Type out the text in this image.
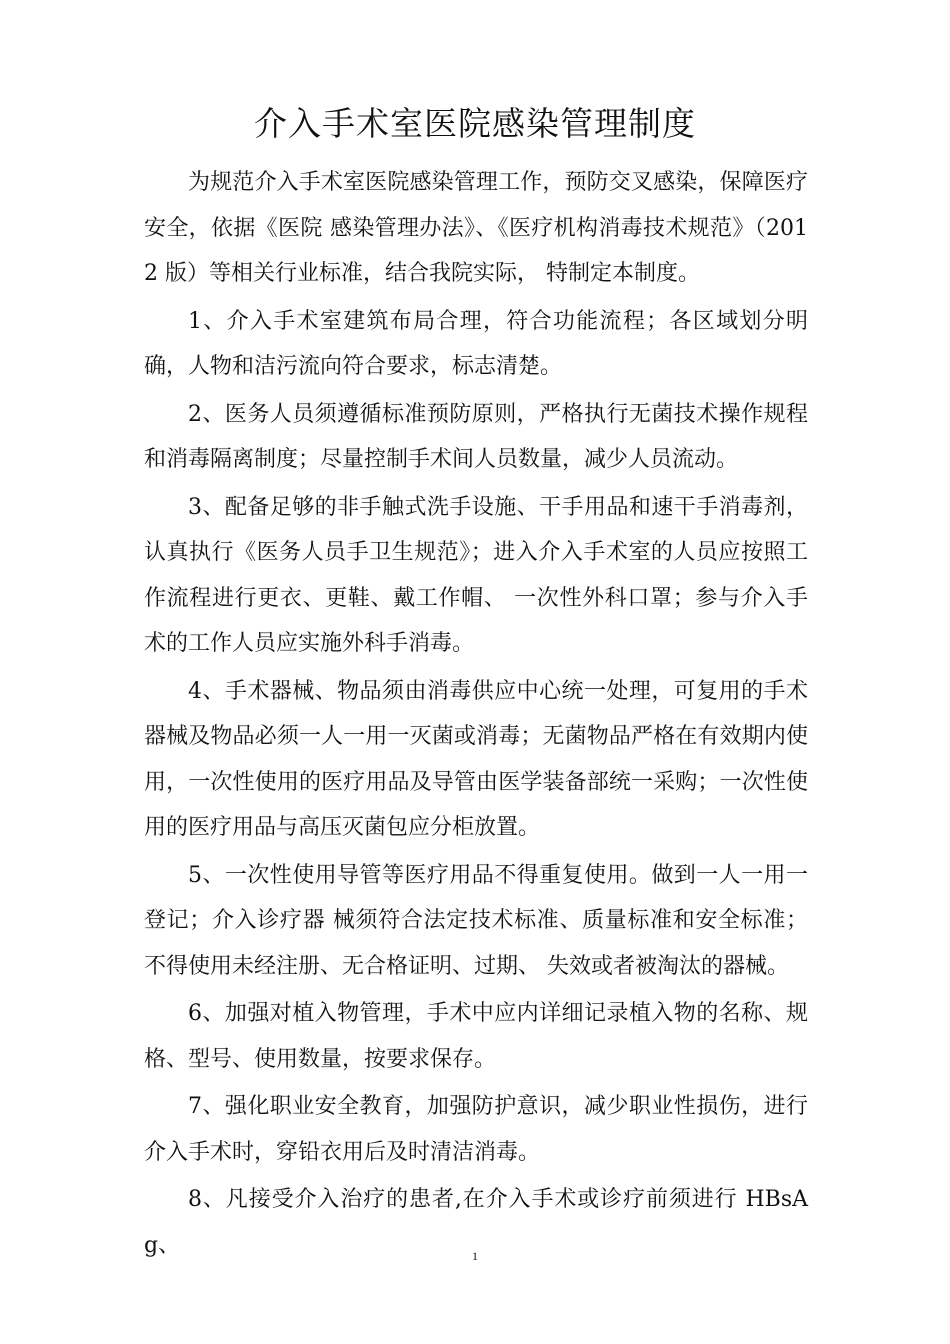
介入手术室医院感染管理制度

为规范介入手术室医院感染管理工作，预防交叉感染，保障医疗安全，依据《医院 感染管理办法》、《医疗机构消毒技术规范》（2012 版）等相关行业标准，结合我院实际， 特制定本制度。

1、介入手术室建筑布局合理，符合功能流程；各区域划分明确，人物和洁污流向符合要求，标志清楚。

2、医务人员须遵循标准预防原则，严格执行无菌技术操作规程和消毒隔离制度；尽量控制手术间人员数量，减少人员流动。

3、配备足够的非手触式洗手设施、干手用品和速干手消毒剂，认真执行《医务人员手卫生规范》；进入介入手术室的人员应按照工作流程进行更衣、更鞋、戴工作帽、 一次性外科口罩；参与介入手术的工作人员应实施外科手消毒。

4、手术器械、物品须由消毒供应中心统一处理，可复用的手术器械及物品必须一人一用一灭菌或消毒；无菌物品严格在有效期内使用，一次性使用的医疗用品及导管由医学装备部统一采购；一次性使用的医疗用品与高压灭菌包应分柜放置。

5、一次性使用导管等医疗用品不得重复使用。做到一人一用一登记；介入诊疗器 械须符合法定技术标准、质量标准和安全标准；不得使用未经注册、无合格证明、过期、 失效或者被淘汰的器械。

6、加强对植入物管理，手术中应内详细记录植入物的名称、规格、型号、使用数量，按要求保存。

7、强化职业安全教育，加强防护意识，减少职业性损伤，进行介入手术时，穿铅衣用后及时清洁消毒。

8、凡接受介入治疗的患者,在介入手术或诊疗前须进行 HBsAg、	1
